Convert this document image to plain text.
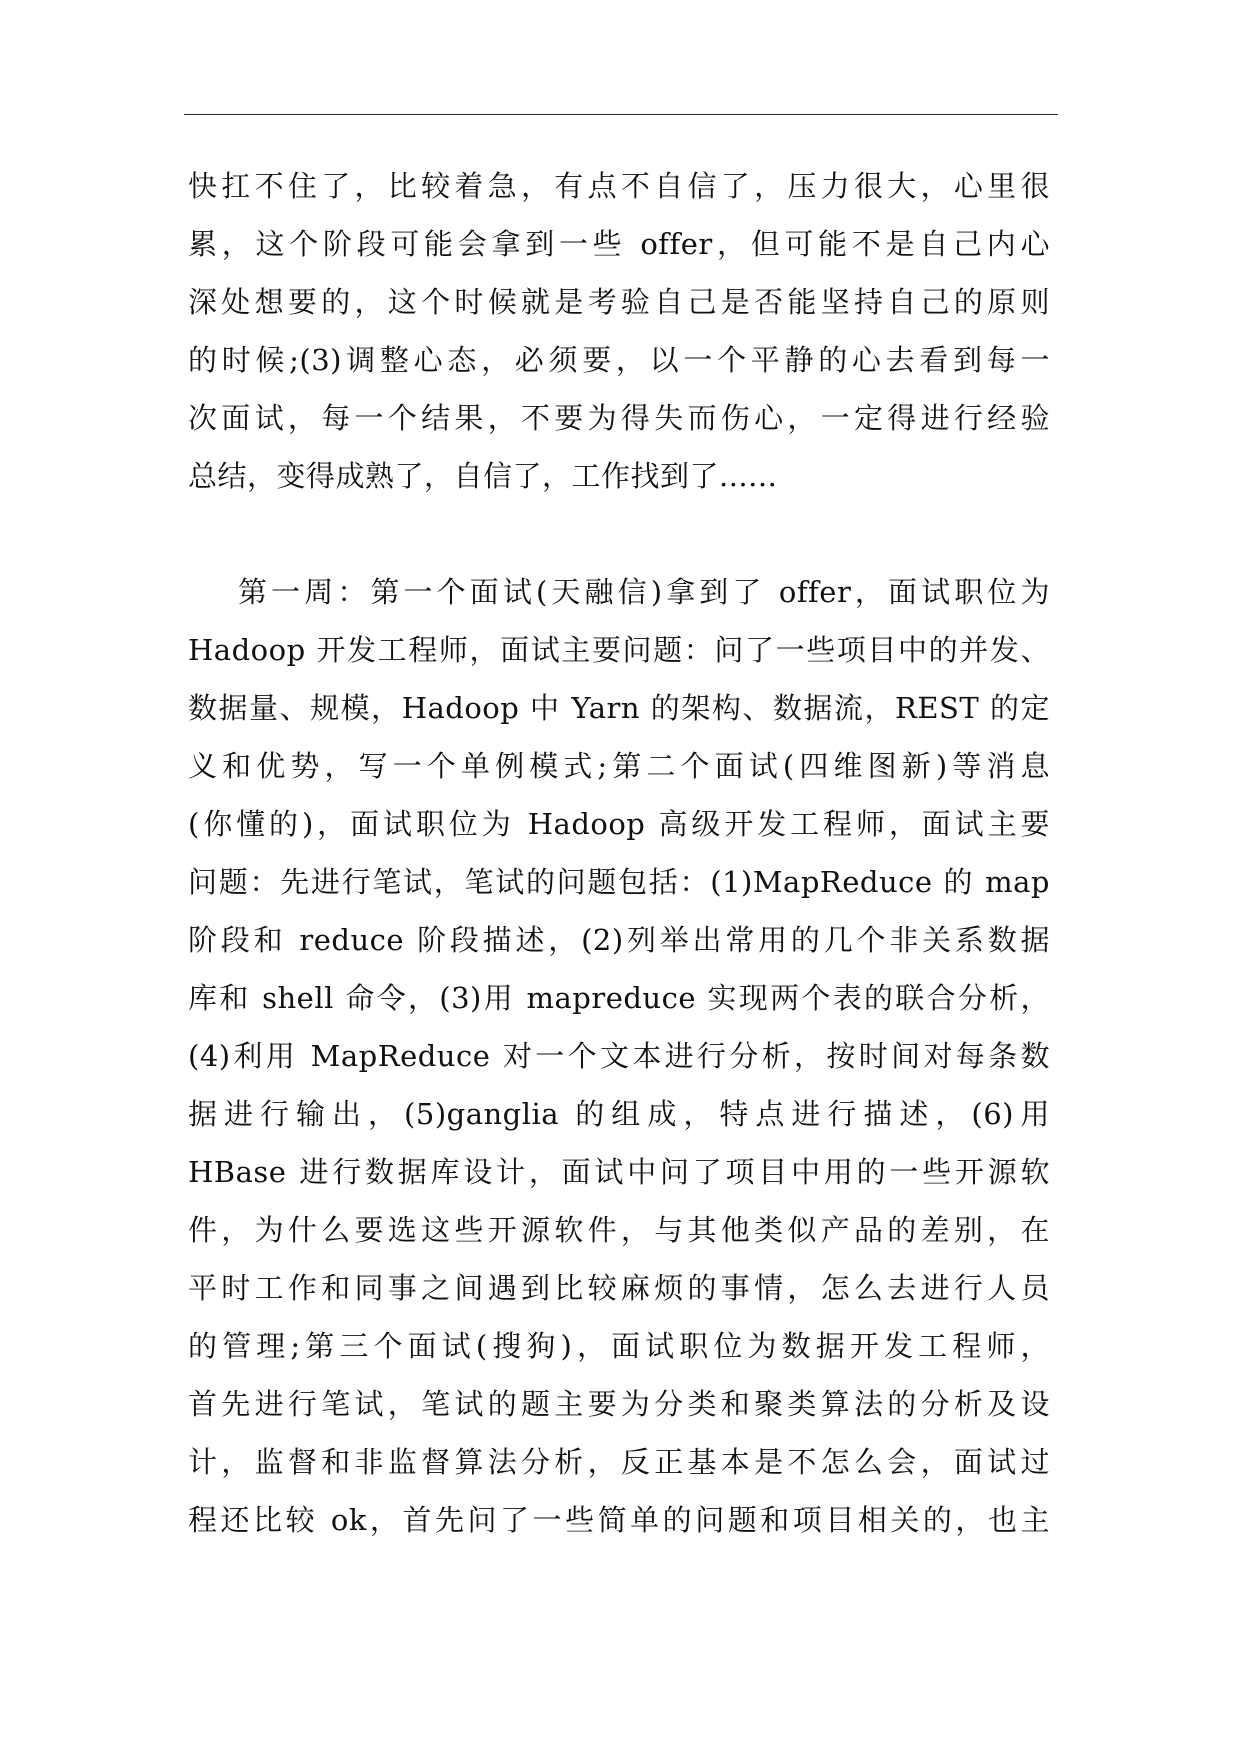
快扛不住了，比较着急，有点不自信了，压力很大，心里很
累，这个阶段可能会拿到一些 offer，但可能不是自己内心
深处想要的，这个时候就是考验自己是否能坚持自己的原则
的时候;(3)调整心态，必须要，以一个平静的心去看到每一
次面试，每一个结果，不要为得失而伤心，一定得进行经验
总结，变得成熟了，自信了，工作找到了......
第一周：第一个面试(天融信)拿到了 offer，面试职位为
Hadoop 开发工程师，面试主要问题：问了一些项目中的并发、
数据量、规模，Hadoop 中 Yarn 的架构、数据流，REST 的定
义和优势，写一个单例模式;第二个面试(四维图新)等消息
(你懂的)，面试职位为 Hadoop 高级开发工程师，面试主要
问题：先进行笔试，笔试的问题包括：(1)MapReduce 的 map
阶段和 reduce 阶段描述，(2)列举出常用的几个非关系数据
库和 shell 命令，(3)用 mapreduce 实现两个表的联合分析，
(4)利用 MapReduce 对一个文本进行分析，按时间对每条数
据进行输出，(5)ganglia 的组成，特点进行描述，(6)用
HBase 进行数据库设计，面试中问了项目中用的一些开源软
件，为什么要选这些开源软件，与其他类似产品的差别，在
平时工作和同事之间遇到比较麻烦的事情，怎么去进行人员
的管理;第三个面试(搜狗)，面试职位为数据开发工程师，
首先进行笔试，笔试的题主要为分类和聚类算法的分析及设
计，监督和非监督算法分析，反正基本是不怎么会，面试过
程还比较 ok，首先问了一些简单的问题和项目相关的，也主
